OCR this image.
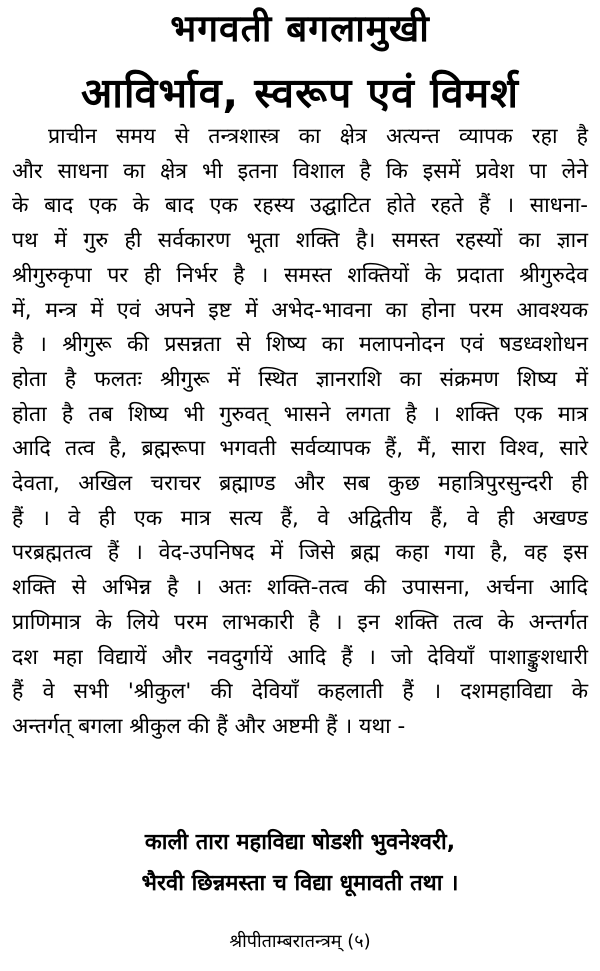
भगवती बगलामुखी
आविर्भाव, स्वरूप एवं विमर्श
प्राचीन समय से तन्त्रशास्त्र का क्षेत्र अत्यन्त व्यापक रहा है
और साधना का क्षेत्र भी इतना विशाल है कि इसमें प्रवेश पा लेने
के बाद एक के बाद एक रहस्य उद्घाटित होते रहते हैं । साधना-
पथ में गुरु ही सर्वकारण भूता शक्ति है। समस्त रहस्यों का ज्ञान
श्रीगुरुकृपा पर ही निर्भर है । समस्त शक्तियों के प्रदाता श्रीगुरुदेव
में, मन्त्र में एवं अपने इष्ट में अभेद-भावना का होना परम आवश्यक
है । श्रीगुरू की प्रसन्नता से शिष्य का मलापनोदन एवं षडध्वशोधन
होता है फलतः श्रीगुरू में स्थित ज्ञानराशि का संक्रमण शिष्य में
होता है तब शिष्य भी गुरुवत् भासने लगता है । शक्ति एक मात्र
आदि तत्व है, ब्रह्मरूपा भगवती सर्वव्यापक हैं, मैं, सारा विश्व, सारे
देवता, अखिल चराचर ब्रह्माण्ड और सब कुछ महात्रिपुरसुन्दरी ही
हैं । वे ही एक मात्र सत्य हैं, वे अद्वितीय हैं, वे ही अखण्ड
परब्रह्मतत्व हैं । वेद-उपनिषद में जिसे ब्रह्म कहा गया है, वह इस
शक्ति से अभिन्न है । अतः शक्ति-तत्व की उपासना, अर्चना आदि
प्राणिमात्र के लिये परम लाभकारी है । इन शक्ति तत्व के अन्तर्गत
दश महा विद्यायें और नवदुर्गायें आदि हैं । जो देवियाँ पाशाङ्कुशधारी
हैं वे सभी 'श्रीकुल' की देवियाँ कहलाती हैं । दशमहाविद्या के
अन्तर्गत् बगला श्रीकुल की हैं और अष्टमी हैं । यथा -
काली तारा महाविद्या षोडशी भुवनेश्वरी,
भैरवी छिन्नमस्ता च विद्या धूमावती तथा ।
श्रीपीताम्बरातन्त्रम् (५)
